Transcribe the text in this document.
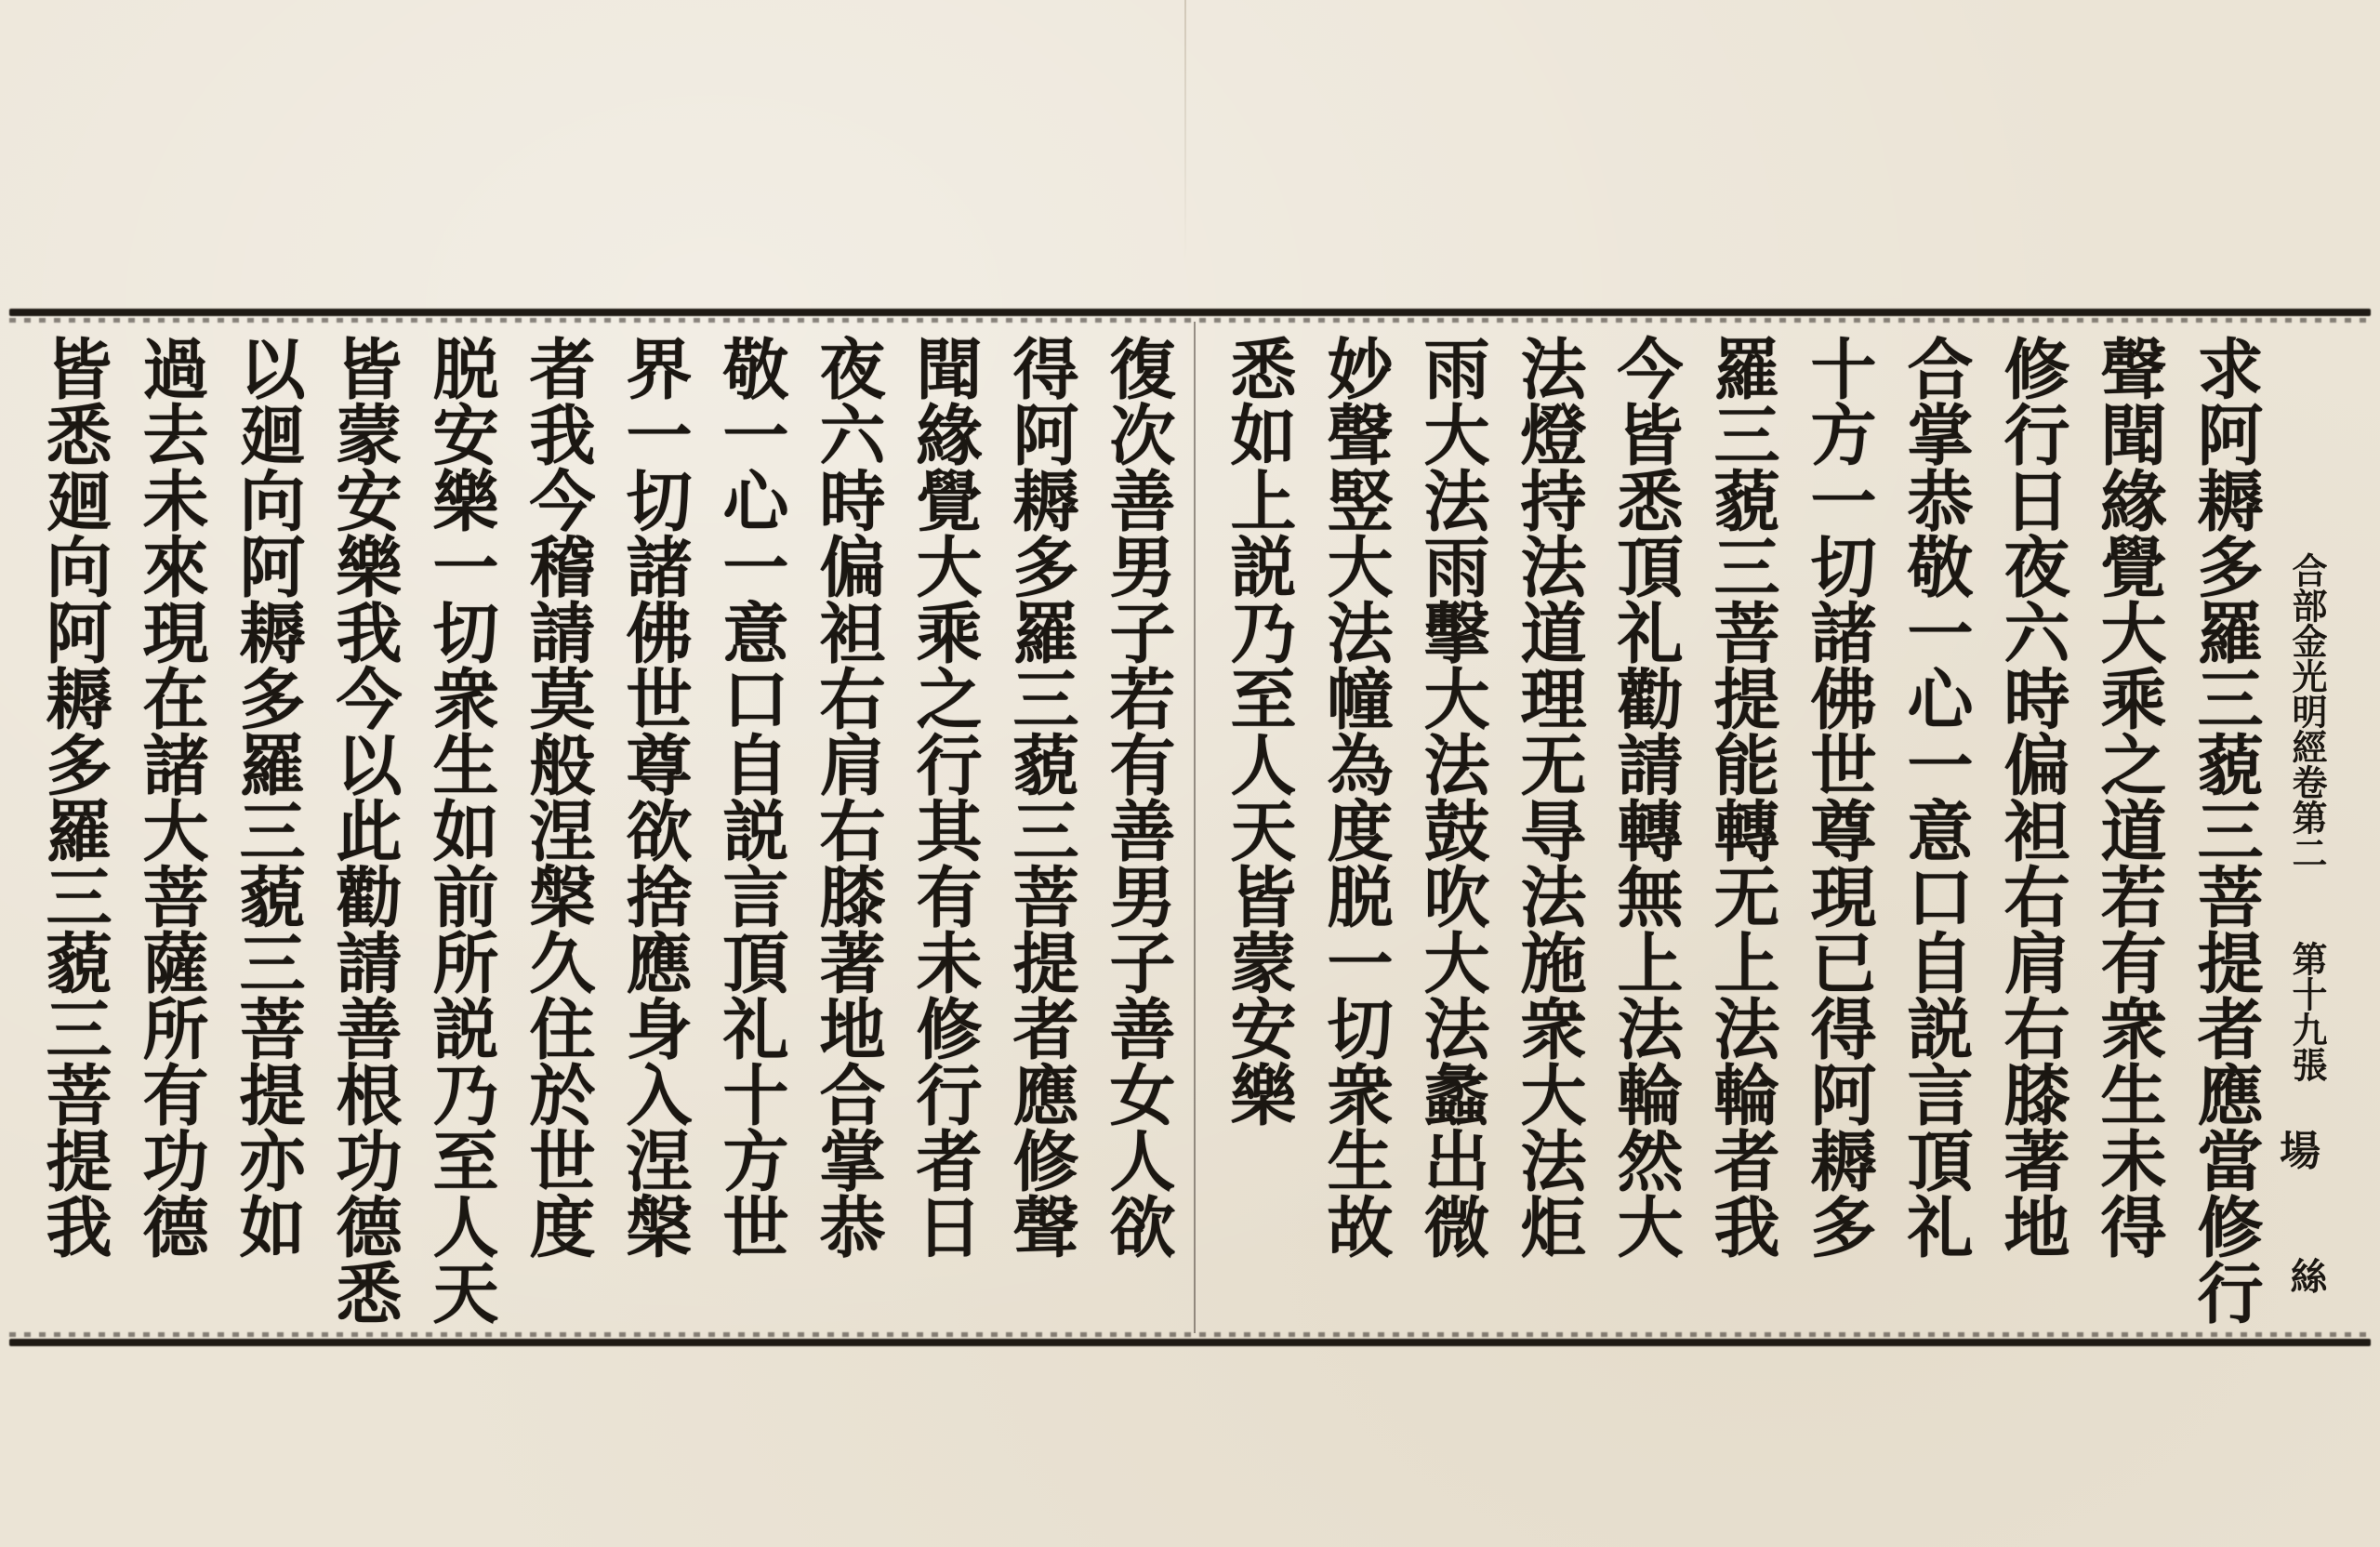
求阿耨多羅三藐三菩提者應當修行
聲聞緣覺大乘之道若有衆生未得
修行日夜六時偏袒右肩右膝著地
合掌恭敬一心一意口自説言頂礼
十方一切諸佛世尊現已得阿耨多
羅三藐三菩提能轉无上法輪者我
今皆悉頂礼勸請轉無上法輪然大
法燈持法道理无㝵法施衆大法炬
雨大法雨擊大法鼓吹大法蠡出微
妙聲竪大法幢為度脱一切衆生故
悉如上説乃至人天皆蒙安樂
復次善男子若有善男子善女人欲
得阿耨多羅三藐三菩提者應修聲
聞緣覺大乘之行其有未修行者日
夜六時偏袒右肩右膝著地合掌恭
敬一心一意口自説言頂礼十方世
界一切諸佛世尊欲捨應身入涅槃
者我今稽請莫般涅槃久住於世度
脱安樂一切衆生如前所説乃至人天
皆蒙安樂我今以此勸請善根功德悉
以廻向阿耨多羅三藐三菩提亦如
過去未來現在諸大菩薩所有功德
皆悉廻向阿耨多羅三藐三菩提我	合部金光明經卷第二
第十九張
場
絲
